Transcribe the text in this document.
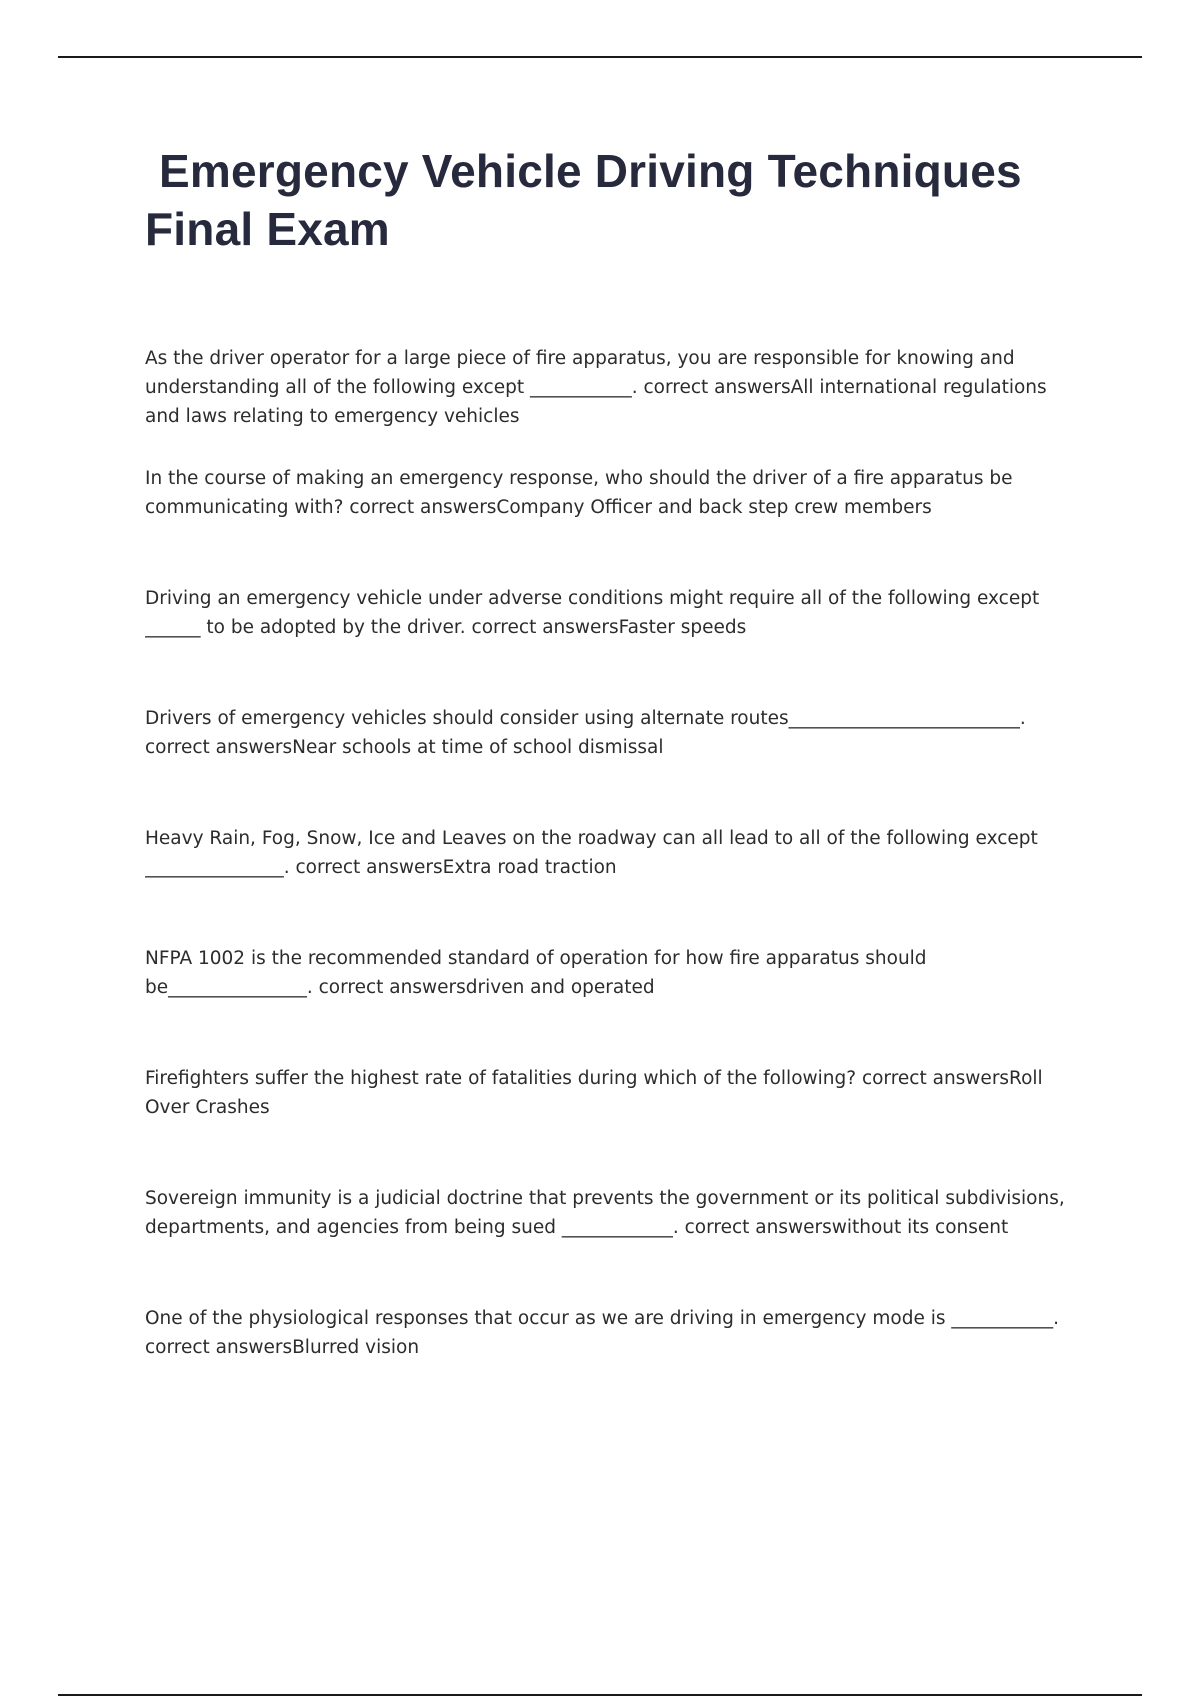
Emergency Vehicle Driving Techniques
Final Exam

As the driver operator for a large piece of fire apparatus, you are responsible for knowing and understanding all of the following except ___________. correct answersAll international regulations and laws relating to emergency vehicles

In the course of making an emergency response, who should the driver of a fire apparatus be communicating with? correct answersCompany Officer and back step crew members

Driving an emergency vehicle under adverse conditions might require all of the following except ______ to be adopted by the driver. correct answersFaster speeds

Drivers of emergency vehicles should consider using alternate routes_________________________. correct answersNear schools at time of school dismissal

Heavy Rain, Fog, Snow, Ice and Leaves on the roadway can all lead to all of the following except _______________. correct answersExtra road traction

NFPA 1002 is the recommended standard of operation for how fire apparatus should be_______________. correct answersdriven and operated

Firefighters suffer the highest rate of fatalities during which of the following? correct answersRoll Over Crashes

Sovereign immunity is a judicial doctrine that prevents the government or its political subdivisions, departments, and agencies from being sued ____________. correct answerswithout its consent

One of the physiological responses that occur as we are driving in emergency mode is ___________. correct answersBlurred vision
